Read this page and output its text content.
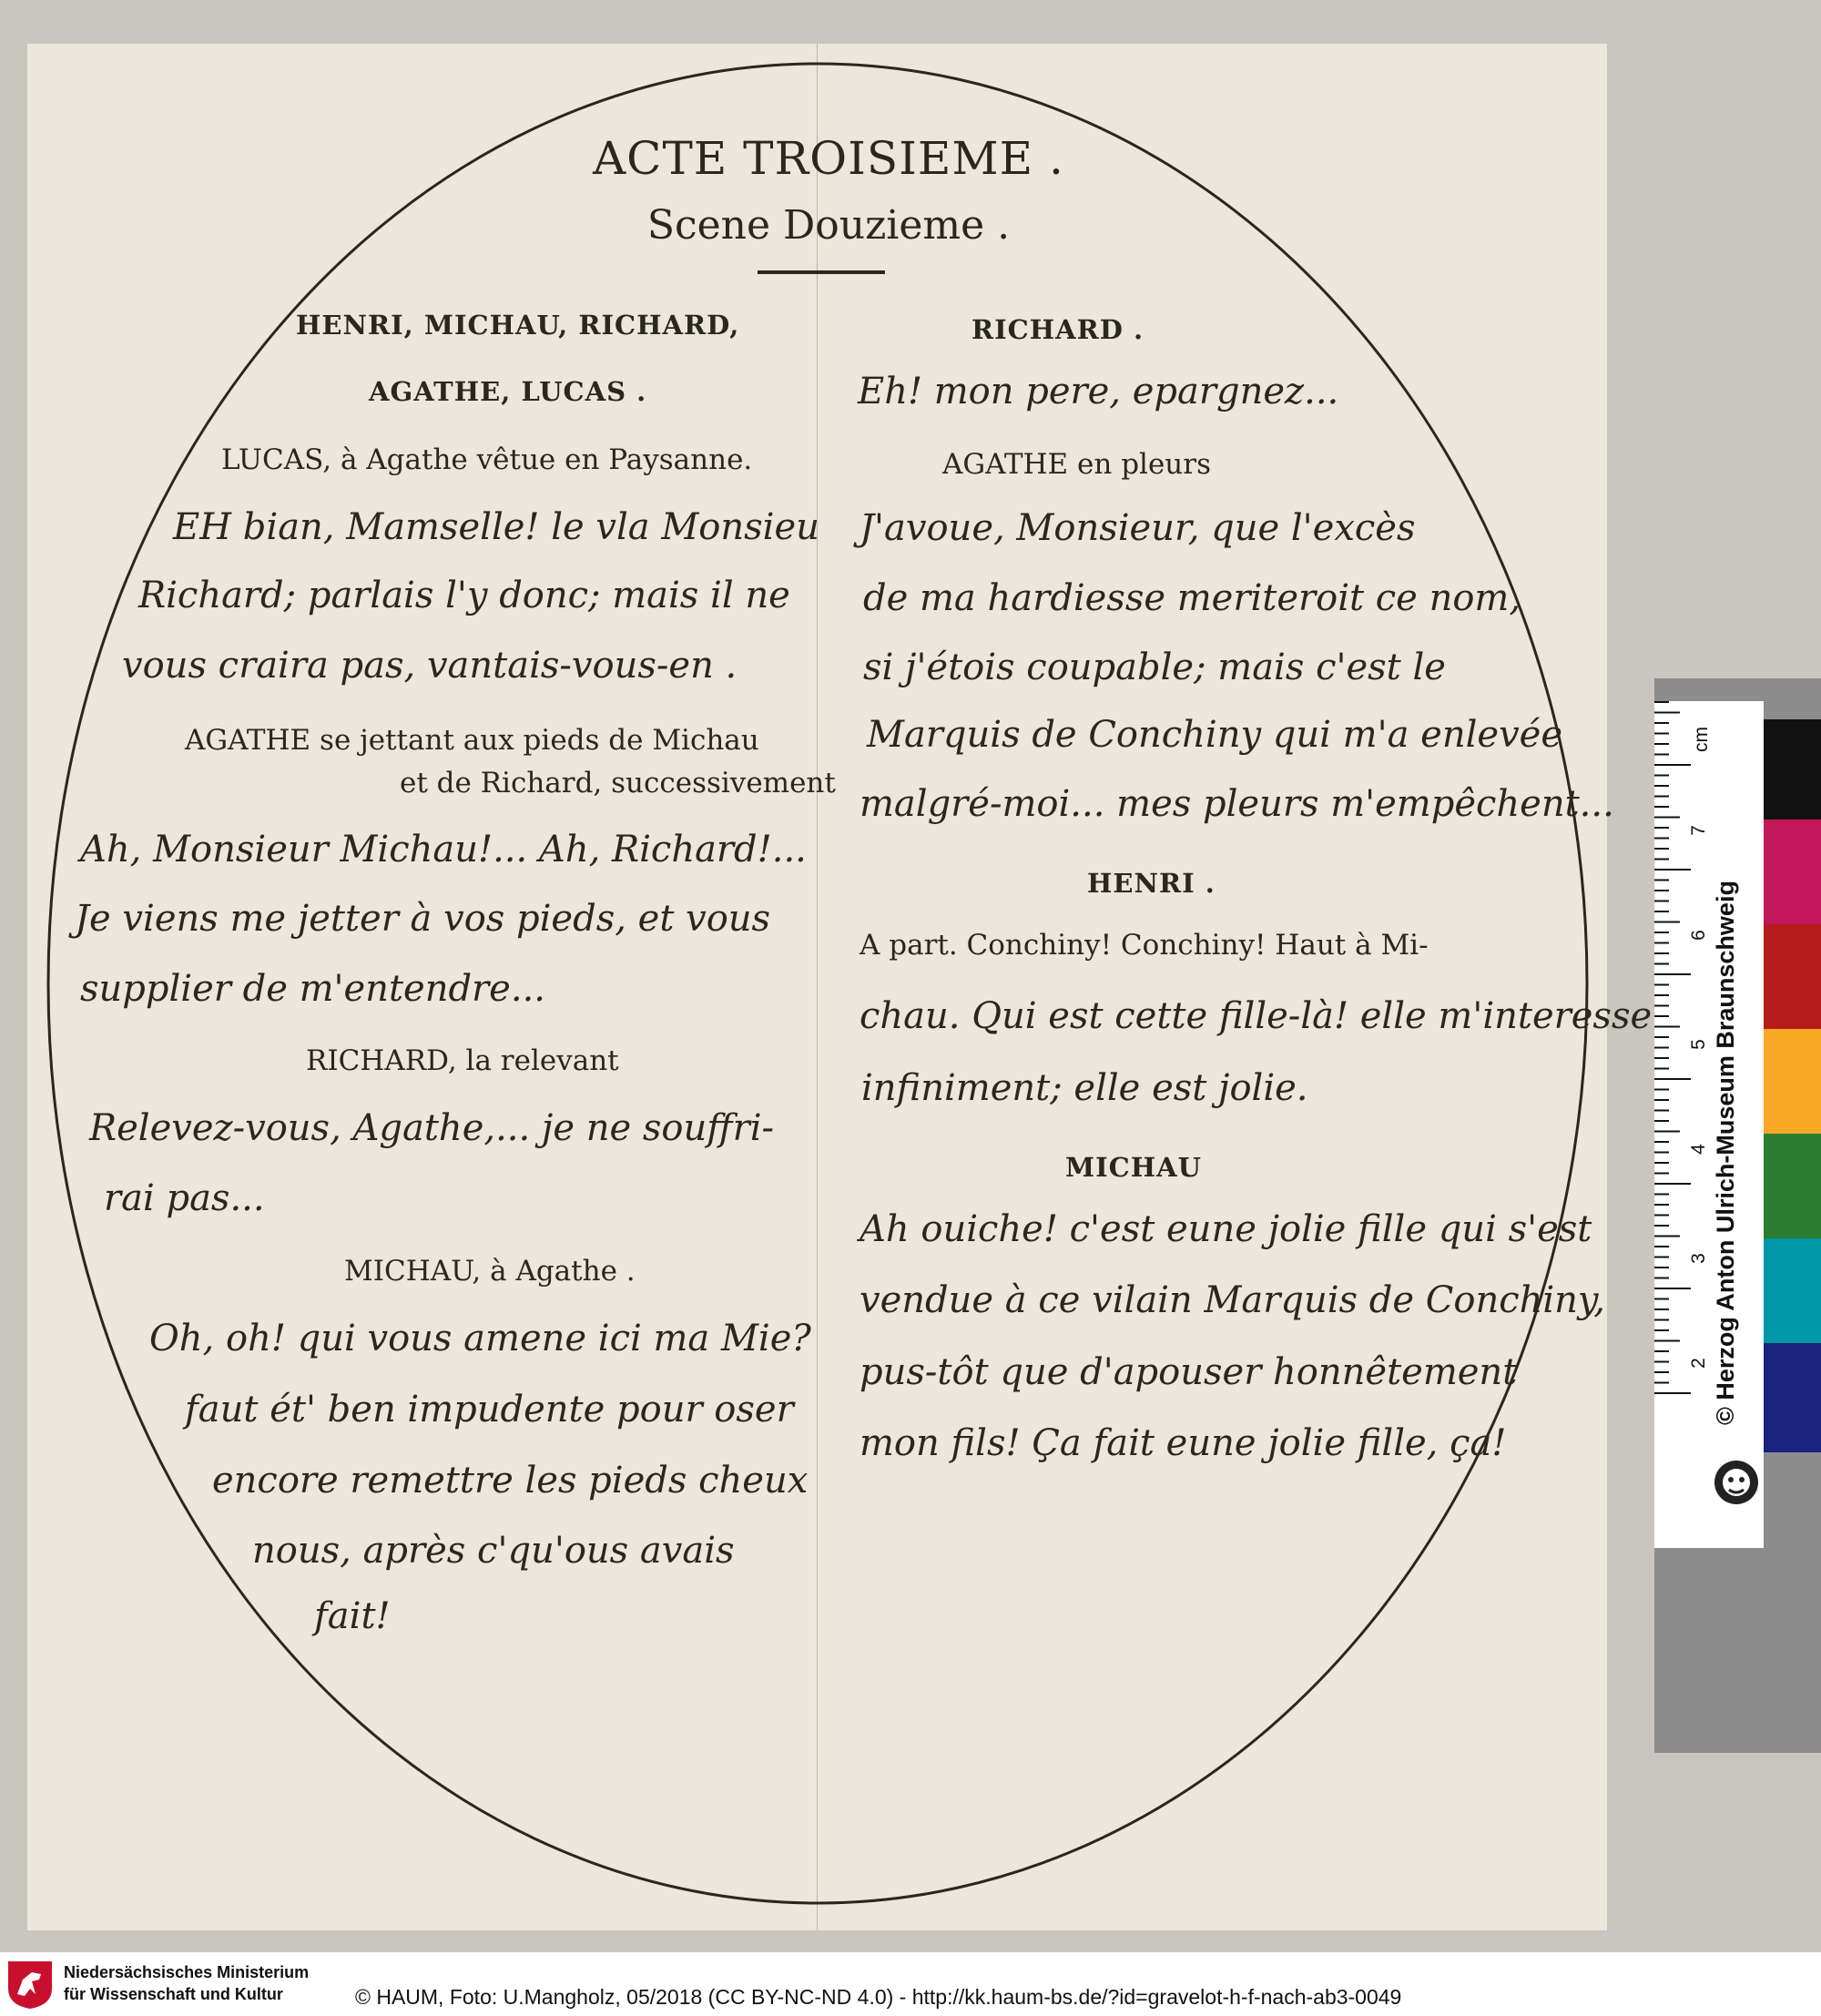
ACTE TROISIEME .
Scene Douzieme .
HENRI, MICHAU, RICHARD,
AGATHE, LUCAS .
LUCAS, à Agathe vêtue en Paysanne.
EH bian, Mamselle! le vla Monsieu
Richard; parlais l'y donc; mais il ne
vous craira pas, vantais-vous-en .
AGATHE se jettant aux pieds de Michau
et de Richard, successivement
Ah, Monsieur Michau!... Ah, Richard!...
Je viens me jetter à vos pieds, et vous
supplier de m'entendre...
RICHARD, la relevant
Relevez-vous, Agathe,... je ne souffri-
rai pas...
MICHAU, à Agathe .
Oh, oh! qui vous amene ici ma Mie?
faut ét' ben impudente pour oser
encore remettre les pieds cheux
nous, après c'qu'ous avais
fait!
RICHARD .
Eh! mon pere, epargnez...
AGATHE en pleurs
J'avoue, Monsieur, que l'excès
de ma hardiesse meriteroit ce nom,
si j'étois coupable; mais c'est le
Marquis de Conchiny qui m'a enlevée
malgré-moi... mes pleurs m'empêchent...
HENRI .
A part. Conchiny! Conchiny! Haut à Mi-
chau. Qui est cette fille-là! elle m'interesse
infiniment; elle est jolie.
MICHAU
Ah ouiche! c'est eune jolie fille qui s'est
vendue à ce vilain Marquis de Conchiny,
pus-tôt que d'apouser honnêtement
mon fils! Ça fait eune jolie fille, ça!
cm
7
6
5
4
3
2 © Herzog Anton Ulrich-Museum Braunschweig
Niedersächsisches Ministerium
für Wissenschaft und Kultur	© HAUM, Foto: U.Mangholz, 05/2018 (CC BY-NC-ND 4.0) - http://kk.haum-bs.de/?id=gravelot-h-f-nach-ab3-0049
